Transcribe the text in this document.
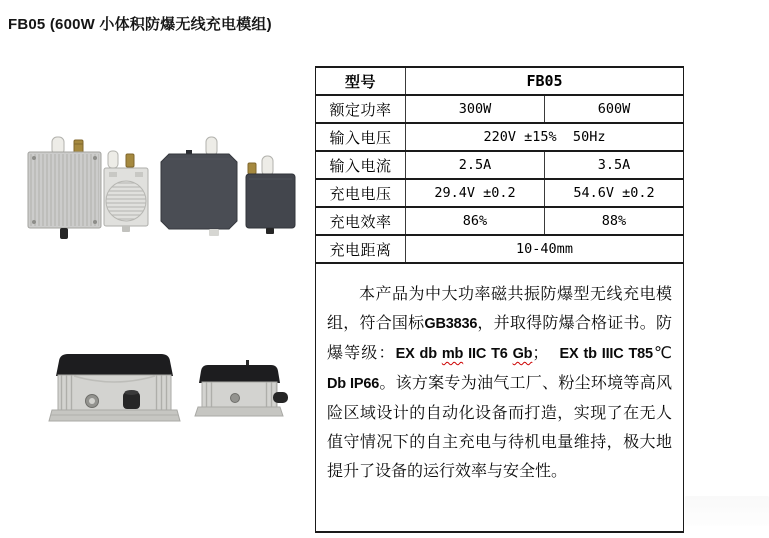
FB05 (600W 小体积防爆无线充电模组)
型号	FB05
额定功率	300W	600W
输入电压	220V ±15%  50Hz
输入电流	2.5A	3.5A
充电电压	29.4V ±0.2	54.6V ±0.2
充电效率	86%	88%
充电距离	10-40mm
本产品为中大功率磁共振防爆型无线充电模组，符合国标GB3836，并取得防爆合格证书。防爆等级：EX db mb IIC T6 Gb；  EX tb IIIC T85℃  Db IP66。该方案专为油气工厂、粉尘环境等高风险区域设计的自动化设备而打造，实现了在无人值守情况下的自主充电与待机电量维持，极大地提升了设备的运行效率与安全性。
